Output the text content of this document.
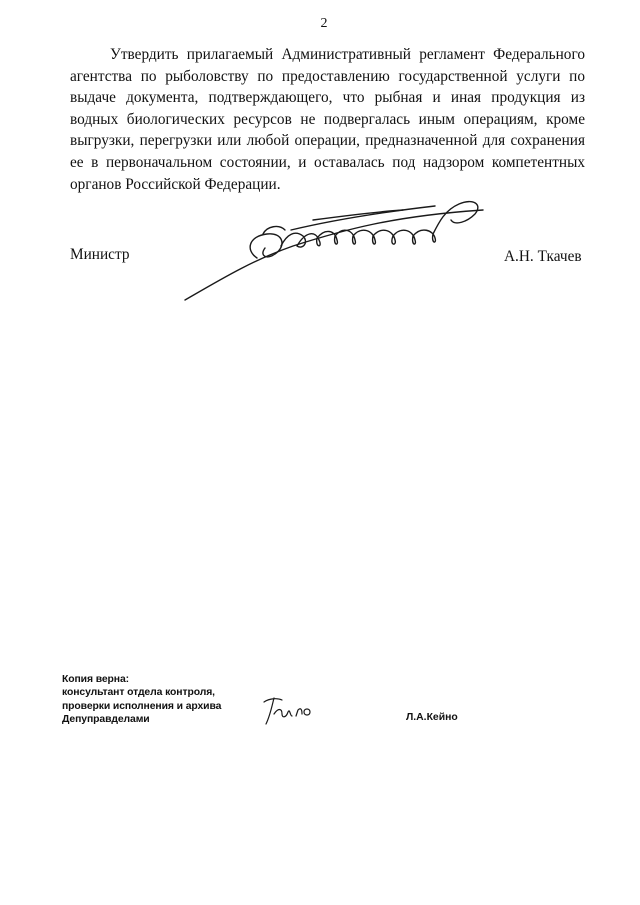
2

Утвердить прилагаемый Административный регламент Федерального агентства по рыболовству по предоставлению государственной услуги по выдаче документа, подтверждающего, что рыбная и иная продукция из водных биологических ресурсов не подвергалась иным операциям, кроме выгрузки, перегрузки или любой операции, предназначенной для сохранения ее в первоначальном состоянии, и оставалась под надзором компетентных органов Российской Федерации.

Министр	А.Н. Ткачев
Копия верна:
консультант отдела контроля,
проверки исполнения и архива
Депуправделами	Л.А.Кейно
